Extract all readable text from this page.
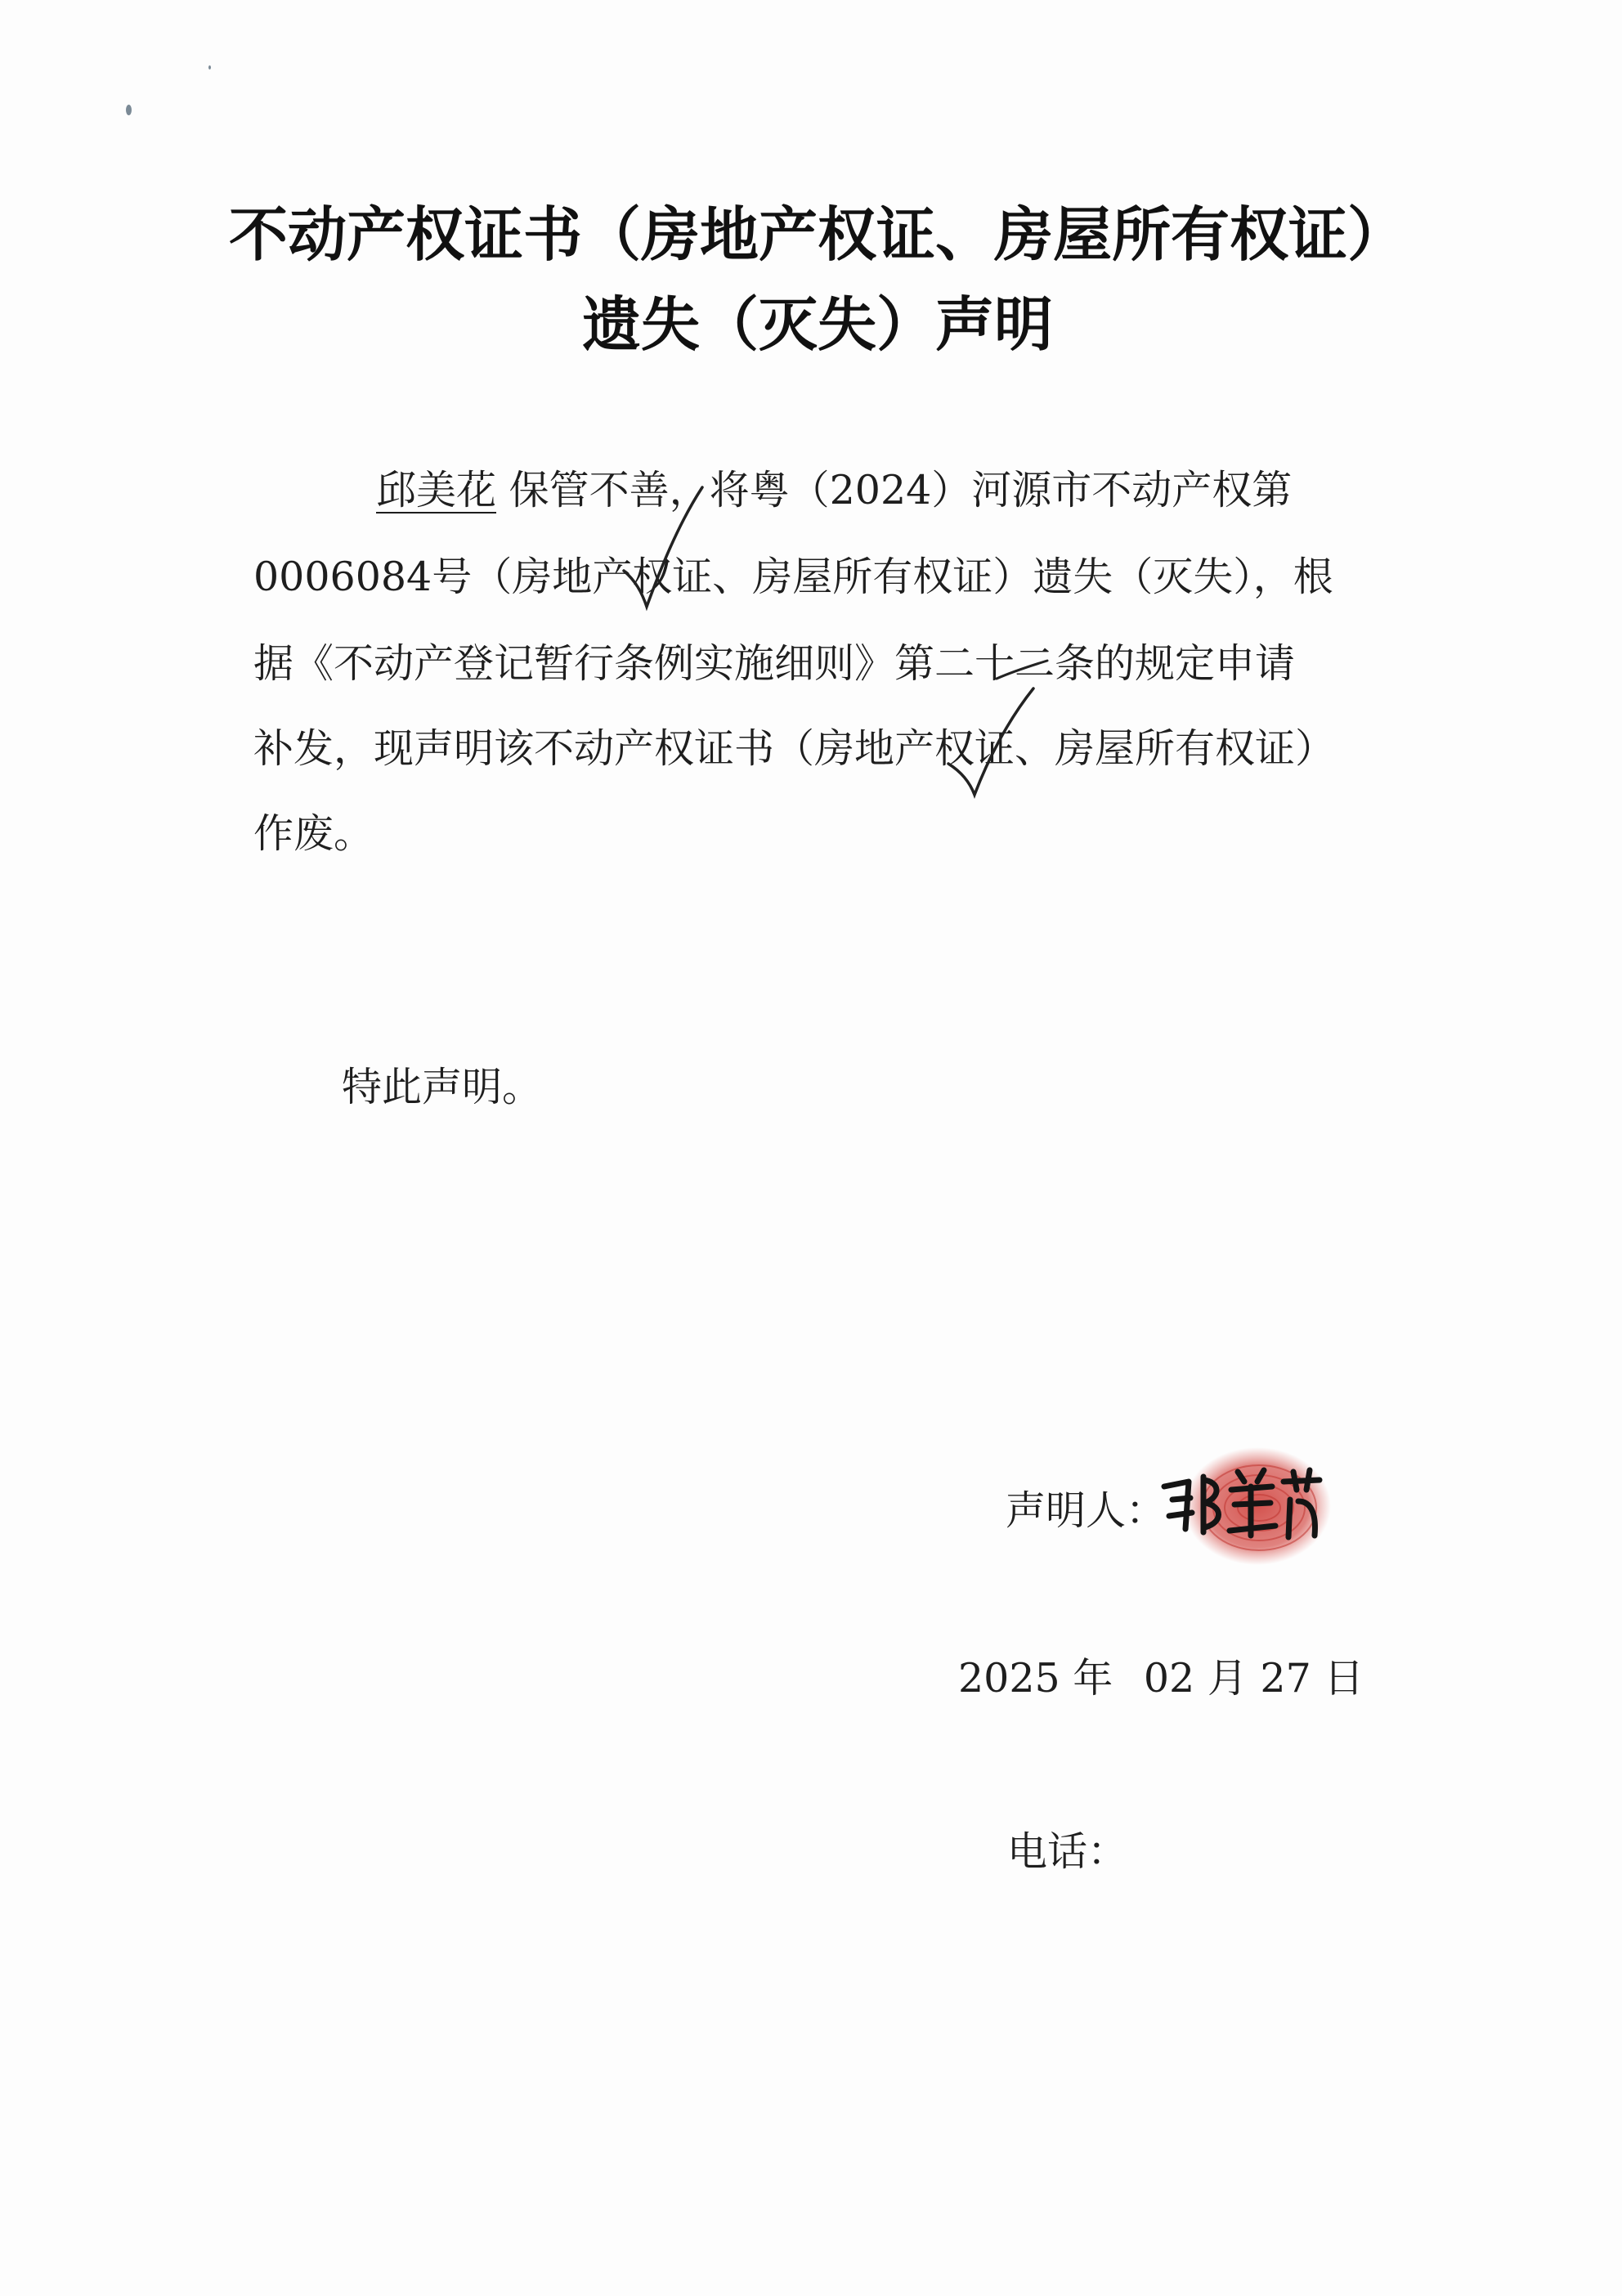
不动产权证书（房地产权证、房屋所有权证）
遗失（灭失）声明
邱美花 保管不善，将粤（2024）河源市不动产权第
0006084号（房地产权证、房屋所有权证）遗失（灭失），根
据《不动产登记暂行条例实施细则》第二十二条的规定申请
补发，现声明该不动产权证书（房地产权证、房屋所有权证）
作废。
特此声明。
声明人：
2025 年 02 月 27 日
电话：
